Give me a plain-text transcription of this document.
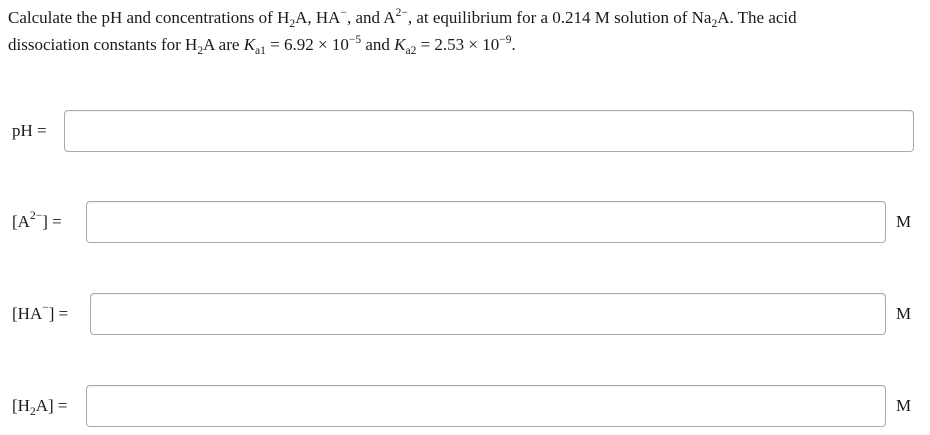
Calculate the pH and concentrations of $H_2A$, HA−, and $A^{2-}$, at equilibrium for a 0.214 M solution of $Na_2A$. The acid
dissociation constants for $H_2A$ are $K_{a1} = 6.92 \times 10^{-5}$ and $K_{a2} = 2.53 \times 10^{-9}$.
pH =
$[A^{2-}]$ =	M
[HA−] =	M
$[H_2A]$ =	M
